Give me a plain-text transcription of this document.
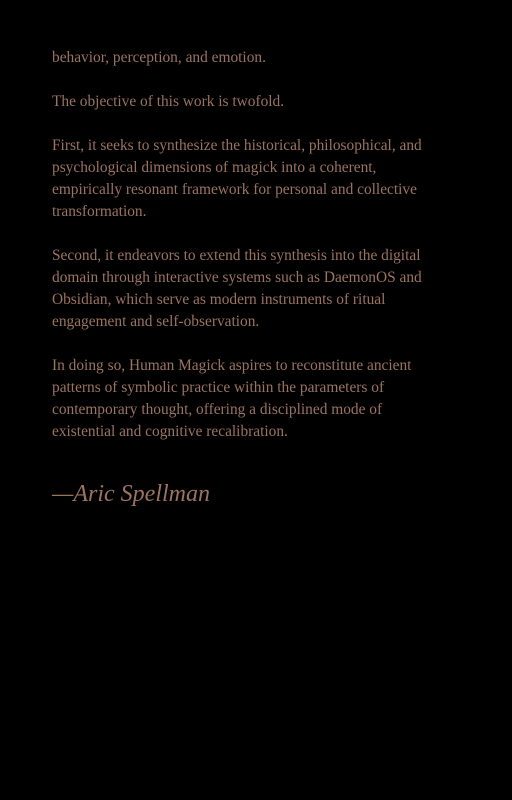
behavior, perception, and emotion.

The objective of this work is twofold.

First, it seeks to synthesize the historical, philosophical, and
psychological dimensions of magick into a coherent,
empirically resonant framework for personal and collective
transformation.

Second, it endeavors to extend this synthesis into the digital
domain through interactive systems such as DaemonOS and
Obsidian, which serve as modern instruments of ritual
engagement and self-observation.

In doing so, Human Magick aspires to reconstitute ancient
patterns of symbolic practice within the parameters of
contemporary thought, offering a disciplined mode of
existential and cognitive recalibration.

—Aric Spellman
